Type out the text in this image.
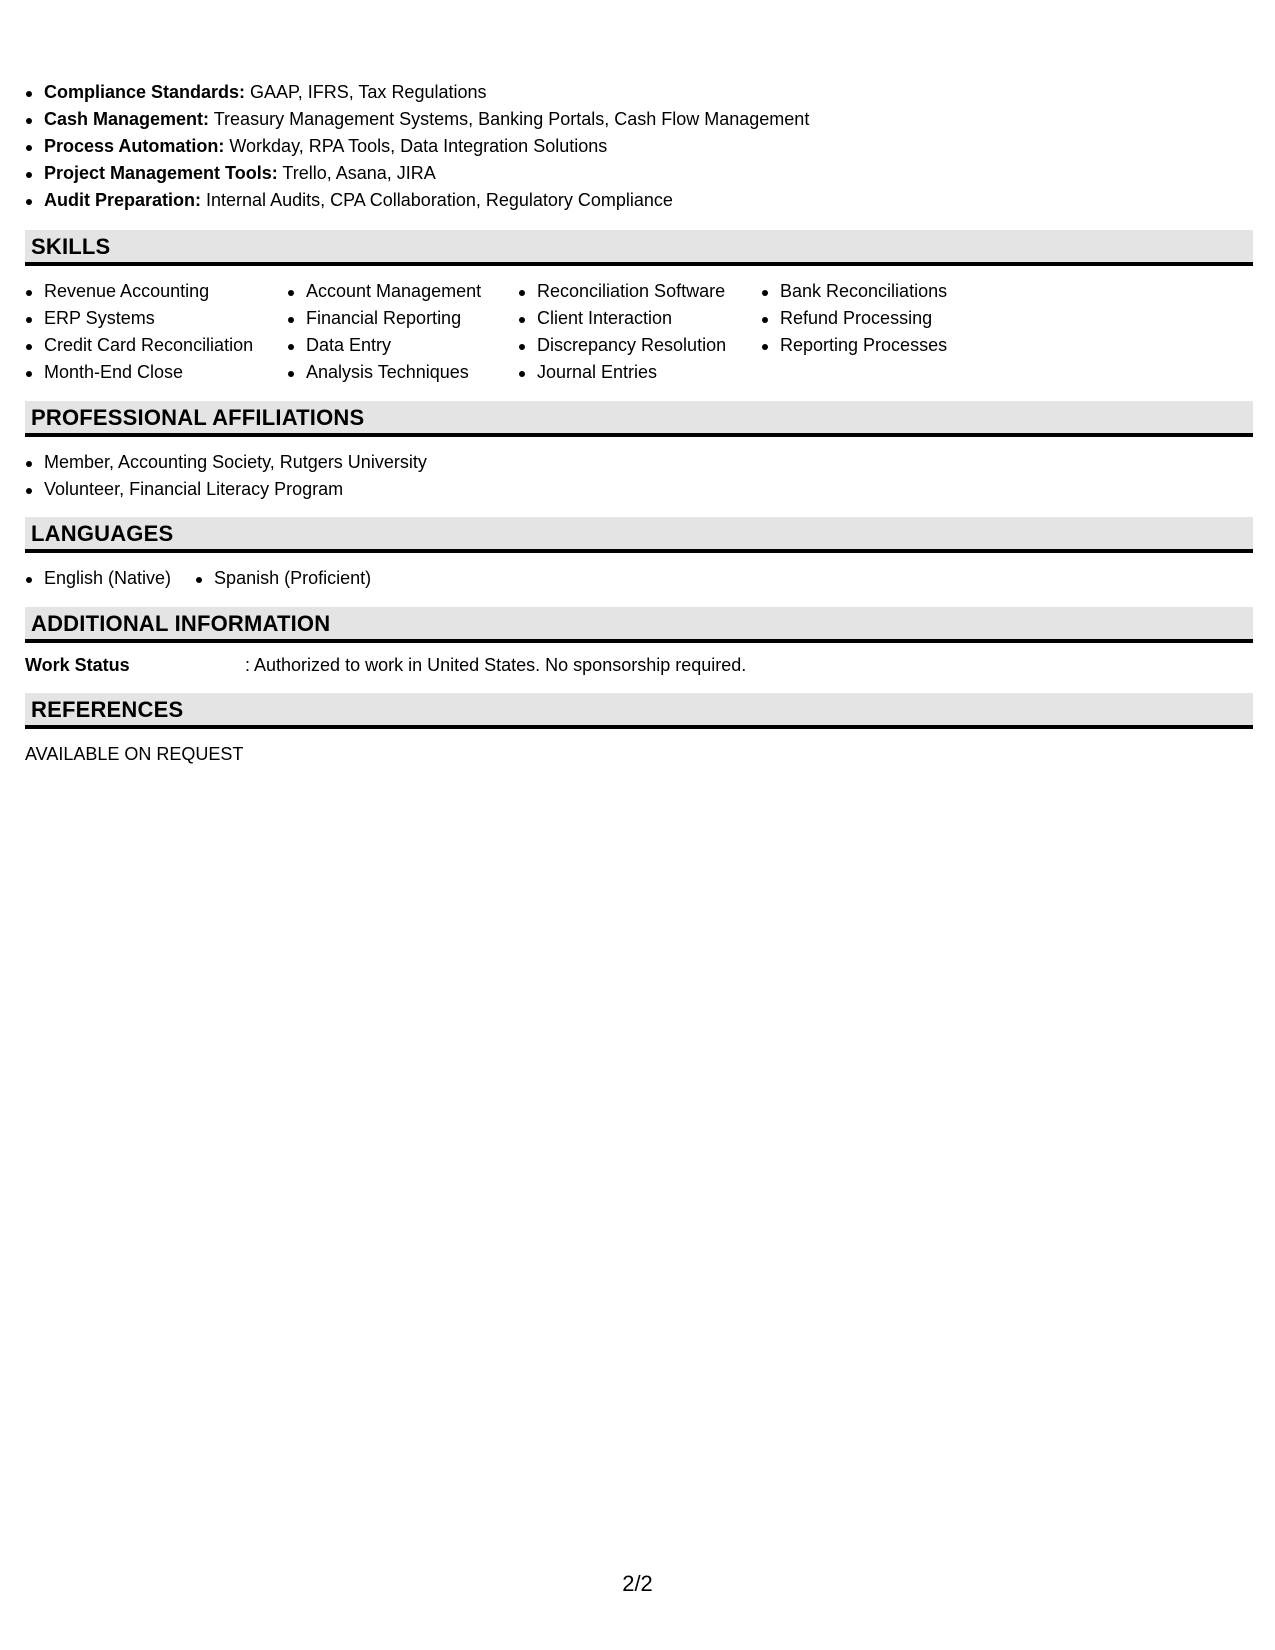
Compliance Standards: GAAP, IFRS, Tax Regulations
Cash Management: Treasury Management Systems, Banking Portals, Cash Flow Management
Process Automation: Workday, RPA Tools, Data Integration Solutions
Project Management Tools: Trello, Asana, JIRA
Audit Preparation: Internal Audits, CPA Collaboration, Regulatory Compliance
SKILLS
Revenue Accounting
ERP Systems
Credit Card Reconciliation
Month-End Close
Account Management
Financial Reporting
Data Entry
Analysis Techniques
Reconciliation Software
Client Interaction
Discrepancy Resolution
Journal Entries
Bank Reconciliations
Refund Processing
Reporting Processes
PROFESSIONAL AFFILIATIONS
Member, Accounting Society, Rutgers University
Volunteer, Financial Literacy Program
LANGUAGES
English (Native)	Spanish (Proficient)
ADDITIONAL INFORMATION
Work Status	: Authorized to work in United States. No sponsorship required.
REFERENCES
AVAILABLE ON REQUEST
2/2
